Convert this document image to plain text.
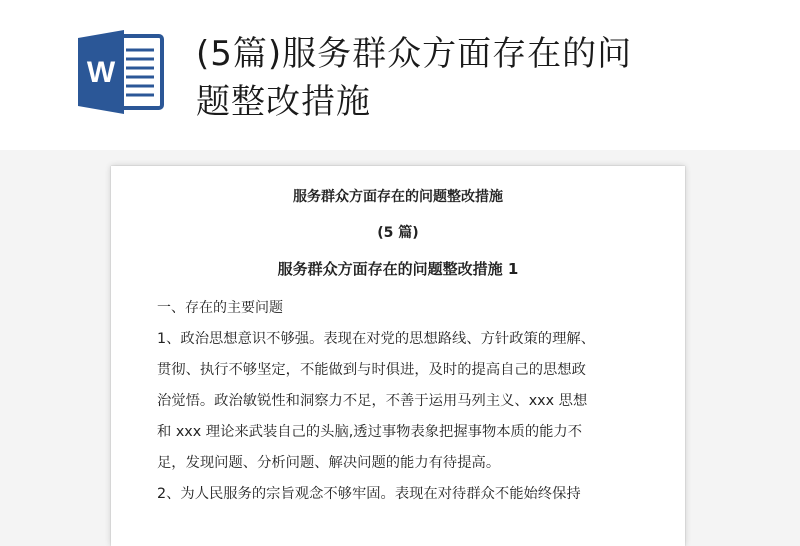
W (5篇)服务群众方面存在的问
题整改措施
服务群众方面存在的问题整改措施
(5 篇)
服务群众方面存在的问题整改措施 1
一、存在的主要问题
1、政治思想意识不够强。表现在对党的思想路线、方针政策的理解、
贯彻、执行不够坚定，不能做到与时俱进，及时的提高自己的思想政
治觉悟。政治敏锐性和洞察力不足，不善于运用马列主义、xxx 思想
和 xxx 理论来武装自己的头脑,透过事物表象把握事物本质的能力不
足，发现问题、分析问题、解决问题的能力有待提高。
2、为人民服务的宗旨观念不够牢固。表现在对待群众不能始终保持
